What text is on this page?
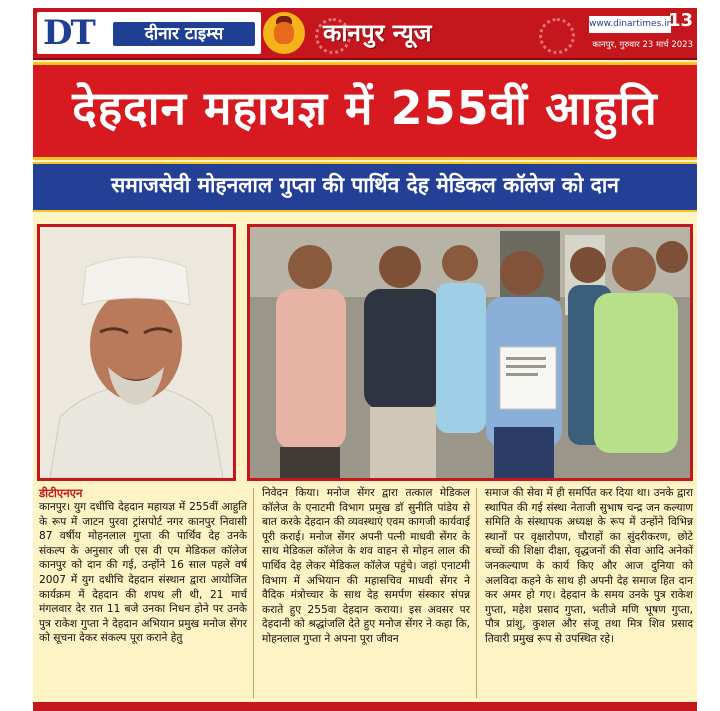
DT	दीनार टाइम्स	कानपुर न्यूज	www.dinartimes.in
13
कानपुर, गुरुवार 23 मार्च 2023
देहदान महायज्ञ में 255वीं आहुति
समाजसेवी मोहनलाल गुप्ता की पार्थिव देह मेडिकल कॉलेज को दान
डीटीएनएन
कानपुर। युग दधीचि देहदान महायज्ञ में 255वीं आहुति के रूप में जाटन पुरवा ट्रांसपोर्ट नगर कानपुर निवासी 87 वर्षीय मोहनलाल गुप्ता की पार्थिव देह उनके संकल्प के अनुसार जी एस वी एम मेडिकल कॉलेज कानपुर को दान की गई, उन्होंने 16 साल पहले वर्ष 2007 में युग दधीचि देहदान संस्थान द्वारा आयोजित कार्यक्रम में देहदान की शपथ ली थी, 21 मार्च मंगलवार देर रात 11 बजे उनका निधन होने पर उनके पुत्र राकेश गुप्ता ने देहदान अभियान प्रमुख मनोज सेंगर को सूचना देकर संकल्प पूरा कराने हेतु
निवेदन किया। मनोज सेंगर द्वारा तत्काल मेडिकल कॉलेज के एनाटमी विभाग प्रमुख डाॅ सुनीति पांडेय से बात करके देहदान की व्यवस्थाएं एवम कागजी कार्यवाई पूरी कराई। मनोज सेंगर अपनी पत्नी माधवी सेंगर के साथ मेडिकल कॉलेज के शव वाहन से मोहन लाल की पार्थिव देह लेकर मेडिकल कॉलेज पहुंचे। जहां एनाटमी विभाग में अभियान की महासचिव माधवी सेंगर ने वैदिक मंत्रोच्चार के साथ देह समर्पण संस्कार संपन्न कराते हुए 255वा देहदान कराया। इस अवसर पर देहदानी को श्रद्धांजलि देते हुए मनोज सेंगर ने कहा कि, मोहनलाल गुप्ता ने अपना पूरा जीवन
समाज की सेवा में ही समर्पित कर दिया था। उनके द्वारा स्थापित की गई संस्था नेताजी सुभाष चन्द्र जन कल्याण समिति के संस्थापक अध्यक्ष के रूप में उन्होंने विभिन्न स्थानों पर वृक्षारोपण, चौराहों का सुंदरीकरण, छोटे बच्चों की शिक्षा दीक्षा, वृद्धजनों की सेवा आदि अनेकों जनकल्याण के कार्य किए और आज दुनिया को अलविदा कहने के साथ ही अपनी देह समाज हित दान कर अमर हो गए। देहदान के समय उनके पुत्र राकेश गुप्ता, महेश प्रसाद गुप्ता, भतीजे मणि भूषण गुप्ता, पौत्र प्रांशु, कुशल और संजू तथा मित्र शिव प्रसाद तिवारी प्रमुख रूप से उपस्थित रहे।
